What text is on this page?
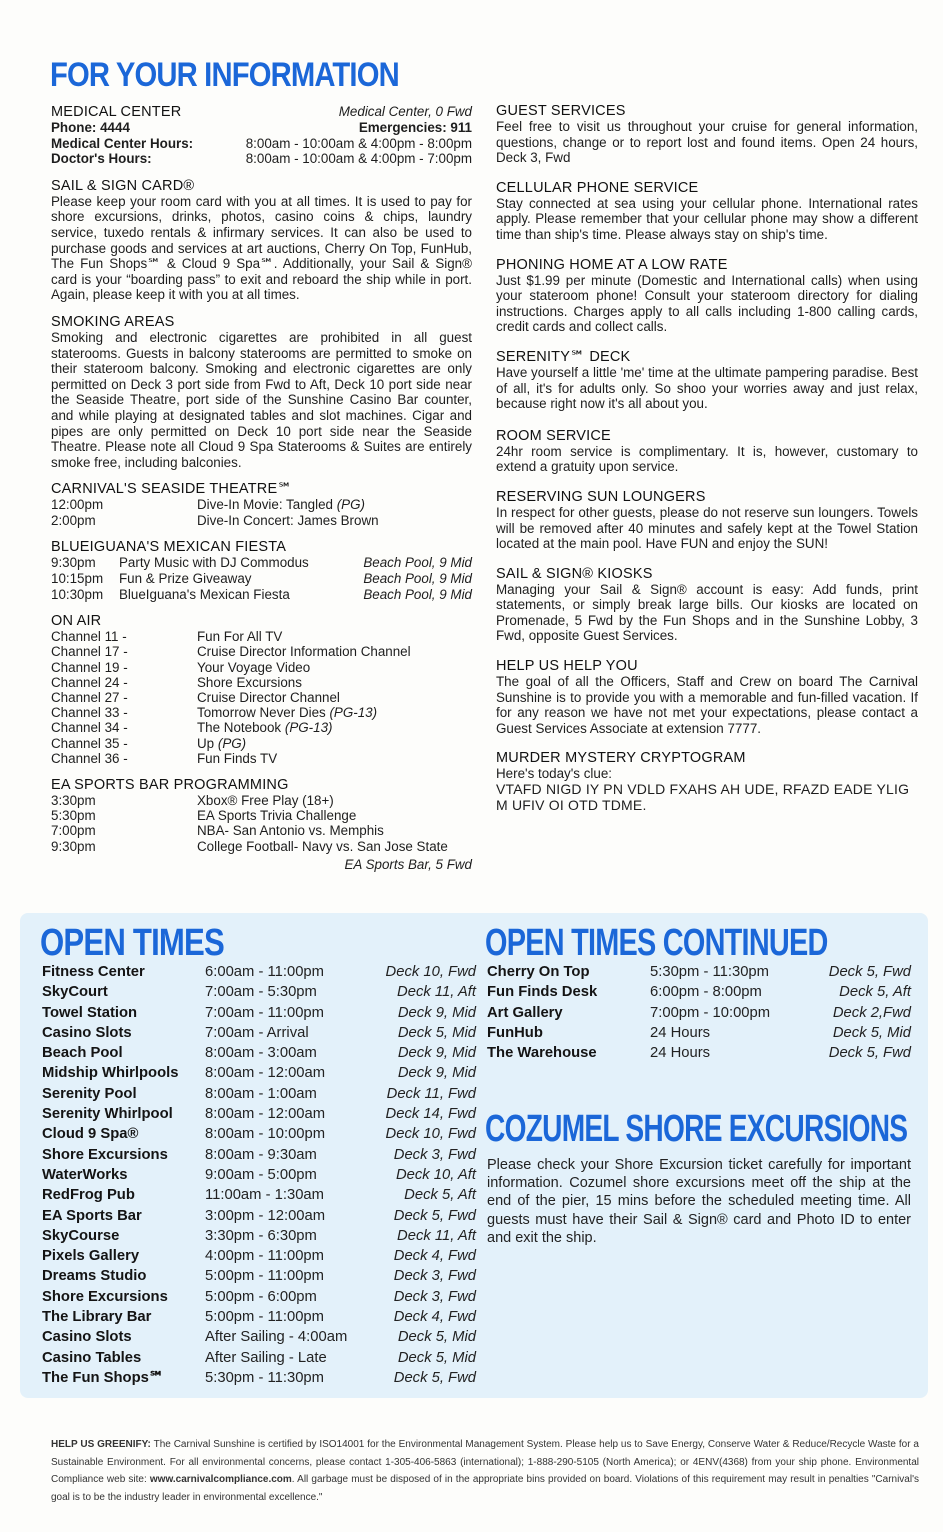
FOR YOUR INFORMATION
MEDICAL CENTER	Medical Center, 0 Fwd
Phone: 4444	Emergencies: 911
Medical Center Hours:	8:00am - 10:00am & 4:00pm - 8:00pm
Doctor's Hours:	8:00am - 10:00am & 4:00pm - 7:00pm
SAIL & SIGN CARD®

Please keep your room card with you at all times. It is used to pay for shore excursions, drinks, photos, casino coins & chips, laundry service, tuxedo rentals & infirmary services. It can also be used to purchase goods and services at art auctions, Cherry On Top, FunHub, The Fun Shops℠ & Cloud 9 Spa℠. Additionally, your Sail & Sign® card is your “boarding pass” to exit and reboard the ship while in port. Again, please keep it with you at all times.

SMOKING AREAS

Smoking and electronic cigarettes are prohibited in all guest staterooms. Guests in balcony staterooms are permitted to smoke on their stateroom balcony. Smoking and electronic cigarettes are only permitted on Deck 3 port side from Fwd to Aft, Deck 10 port side near the Seaside Theatre, port side of the Sunshine Casino Bar counter, and while playing at designated tables and slot machines. Cigar and pipes are only permitted on Deck 10 port side near the Seaside Theatre. Please note all Cloud 9 Spa Staterooms & Suites are entirely smoke free, including balconies.

CARNIVAL'S SEASIDE THEATRE℠
12:00pm	Dive-In Movie: Tangled (PG)
2:00pm	Dive-In Concert: James Brown
BLUEIGUANA'S MEXICAN FIESTA
9:30pm	Party Music with DJ Commodus	Beach Pool, 9 Mid
10:15pm	Fun & Prize Giveaway	Beach Pool, 9 Mid
10:30pm	BlueIguana's Mexican Fiesta	Beach Pool, 9 Mid
ON AIR
Channel 11 -	Fun For All TV
Channel 17 -	Cruise Director Information Channel
Channel 19 -	Your Voyage Video
Channel 24 -	Shore Excursions
Channel 27 -	Cruise Director Channel
Channel 33 -	Tomorrow Never Dies
(PG-13)
Channel 34 -	The Notebook
(PG-13)
Channel 35 -	Up
(PG)
Channel 36 -	Fun Finds TV
EA SPORTS BAR PROGRAMMING
3:30pm	Xbox® Free Play (18+)
5:30pm	EA Sports Trivia Challenge
7:00pm	NBA- San Antonio vs. Memphis
9:30pm	College Football- Navy vs. San Jose State
EA Sports Bar, 5 Fwd
GUEST SERVICES

Feel free to visit us throughout your cruise for general information, questions, change or to report lost and found items. Open 24 hours, Deck 3, Fwd

CELLULAR PHONE SERVICE

Stay connected at sea using your cellular phone. International rates apply. Please remember that your cellular phone may show a different time than ship's time. Please always stay on ship's time.

PHONING HOME AT A LOW RATE

Just $1.99 per minute (Domestic and International calls) when using your stateroom phone! Consult your stateroom directory for dialing instructions. Charges apply to all calls including 1-800 calling cards, credit cards and collect calls.

SERENITY℠ DECK

Have yourself a little 'me' time at the ultimate pampering paradise. Best of all, it's for adults only. So shoo your worries away and just relax, because right now it's all about you.

ROOM SERVICE

24hr room service is complimentary. It is, however, customary to extend a gratuity upon service.

RESERVING SUN LOUNGERS

In respect for other guests, please do not reserve sun loungers. Towels will be removed after 40 minutes and safely kept at the Towel Station located at the main pool. Have FUN and enjoy the SUN!

SAIL & SIGN® KIOSKS

Managing your Sail & Sign® account is easy: Add funds, print statements, or simply break large bills. Our kiosks are located on Promenade, 5 Fwd by the Fun Shops and in the Sunshine Lobby, 3 Fwd, opposite Guest Services.

HELP US HELP YOU

The goal of all the Officers, Staff and Crew on board The Carnival Sunshine is to provide you with a memorable and fun-filled vacation. If for any reason we have not met your expectations, please contact a Guest Services Associate at extension 7777.

MURDER MYSTERY CRYPTOGRAM

Here's today's clue:

VTAFD NIGD IY PN VDLD FXAHS AH UDE, RFAZD EADE YLIG M UFIV OI OTD TDME.

OPEN TIMES	OPEN TIMES CONTINUED
COZUMEL SHORE EXCURSIONS
Fitness Center	6:00am - 11:00pm	Deck 10, Fwd
SkyCourt	7:00am - 5:30pm	Deck 11, Aft
Towel Station	7:00am - 11:00pm	Deck 9, Mid
Casino Slots	7:00am - Arrival	Deck 5, Mid
Beach Pool	8:00am - 3:00am	Deck 9, Mid
Midship Whirlpools	8:00am - 12:00am	Deck 9, Mid
Serenity Pool	8:00am - 1:00am	Deck 11, Fwd
Serenity Whirlpool	8:00am - 12:00am	Deck 14, Fwd
Cloud 9 Spa®	8:00am - 10:00pm	Deck 10, Fwd
Shore Excursions	8:00am - 9:30am	Deck 3, Fwd
WaterWorks	9:00am - 5:00pm	Deck 10, Aft
RedFrog Pub	11:00am - 1:30am	Deck 5, Aft
EA Sports Bar	3:00pm - 12:00am	Deck 5, Fwd
SkyCourse	3:30pm - 6:30pm	Deck 11, Aft
Pixels Gallery	4:00pm - 11:00pm	Deck 4, Fwd
Dreams Studio	5:00pm - 11:00pm	Deck 3, Fwd
Shore Excursions	5:00pm - 6:00pm	Deck 3, Fwd
The Library Bar	5:00pm - 11:00pm	Deck 4, Fwd
Casino Slots	After Sailing - 4:00am	Deck 5, Mid
Casino Tables	After Sailing - Late	Deck 5, Mid
The Fun Shops℠	5:30pm - 11:30pm	Deck 5, Fwd
Cherry On Top	5:30pm - 11:30pm	Deck 5, Fwd
Fun Finds Desk	6:00pm - 8:00pm	Deck 5, Aft
Art Gallery	7:00pm - 10:00pm	Deck 2,Fwd
FunHub	24 Hours	Deck 5, Mid
The Warehouse	24 Hours	Deck 5, Fwd
Please check your Shore Excursion ticket carefully for important information. Cozumel shore excursions meet off the ship at the end of the pier, 15 mins before the scheduled meeting time. All guests must have their Sail & Sign® card and Photo ID to enter and exit the ship.
HELP US GREENIFY: The Carnival Sunshine is certified by ISO14001 for the Environmental Management System. Please help us to Save Energy, Conserve Water & Reduce/Recycle Waste for a Sustainable Environment. For all environmental concerns, please contact 1-305-406-5863 (international); 1-888-290-5105 (North America); or 4ENV(4368) from your ship phone. Environmental Compliance web site: www.carnivalcompliance.com. All garbage must be disposed of in the appropriate bins provided on board. Violations of this requirement may result in penalties "Carnival's goal is to be the industry leader in environmental excellence."
